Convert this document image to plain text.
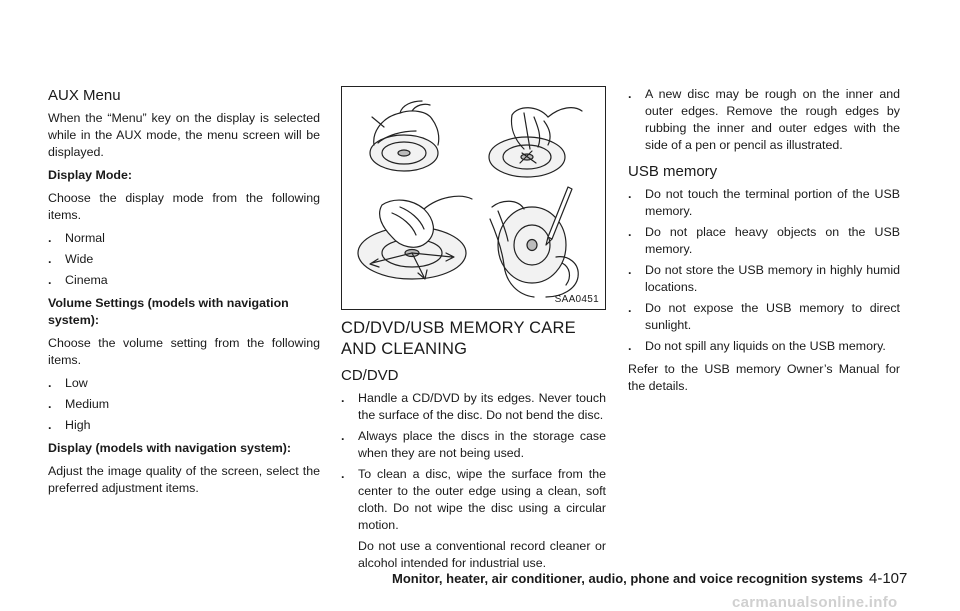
AUX Menu

When the “Menu” key on the display is selected while in the AUX mode, the menu screen will be displayed.

Display Mode:

Choose the display mode from the following items.

. Normal
. Wide
. Cinema

Volume Settings (models with navigation system):

Choose the volume setting from the following items.

. Low
. Medium
. High

Display (models with navigation system):

Adjust the image quality of the screen, select the preferred adjustment items.

SAA0451
CD/DVD/USB MEMORY CARE AND CLEANING
CD/DVD
. Handle a CD/DVD by its edges. Never touch the surface of the disc. Do not bend the disc.
. Always place the discs in the storage case when they are not being used.
. To clean a disc, wipe the surface from the center to the outer edge using a clean, soft cloth. Do not wipe the disc using a circular motion.

Do not use a conventional record cleaner or alcohol intended for industrial use.

. A new disc may be rough on the inner and outer edges. Remove the rough edges by rubbing the inner and outer edges with the side of a pen or pencil as illustrated.
USB memory
. Do not touch the terminal portion of the USB memory.
. Do not place heavy objects on the USB memory.
. Do not store the USB memory in highly humid locations.
. Do not expose the USB memory to direct sunlight.
. Do not spill any liquids on the USB memory.

Refer to the USB memory Owner’s Manual for the details.

Monitor, heater, air conditioner, audio, phone and voice recognition systems 4-107
carmanualsonline.info
